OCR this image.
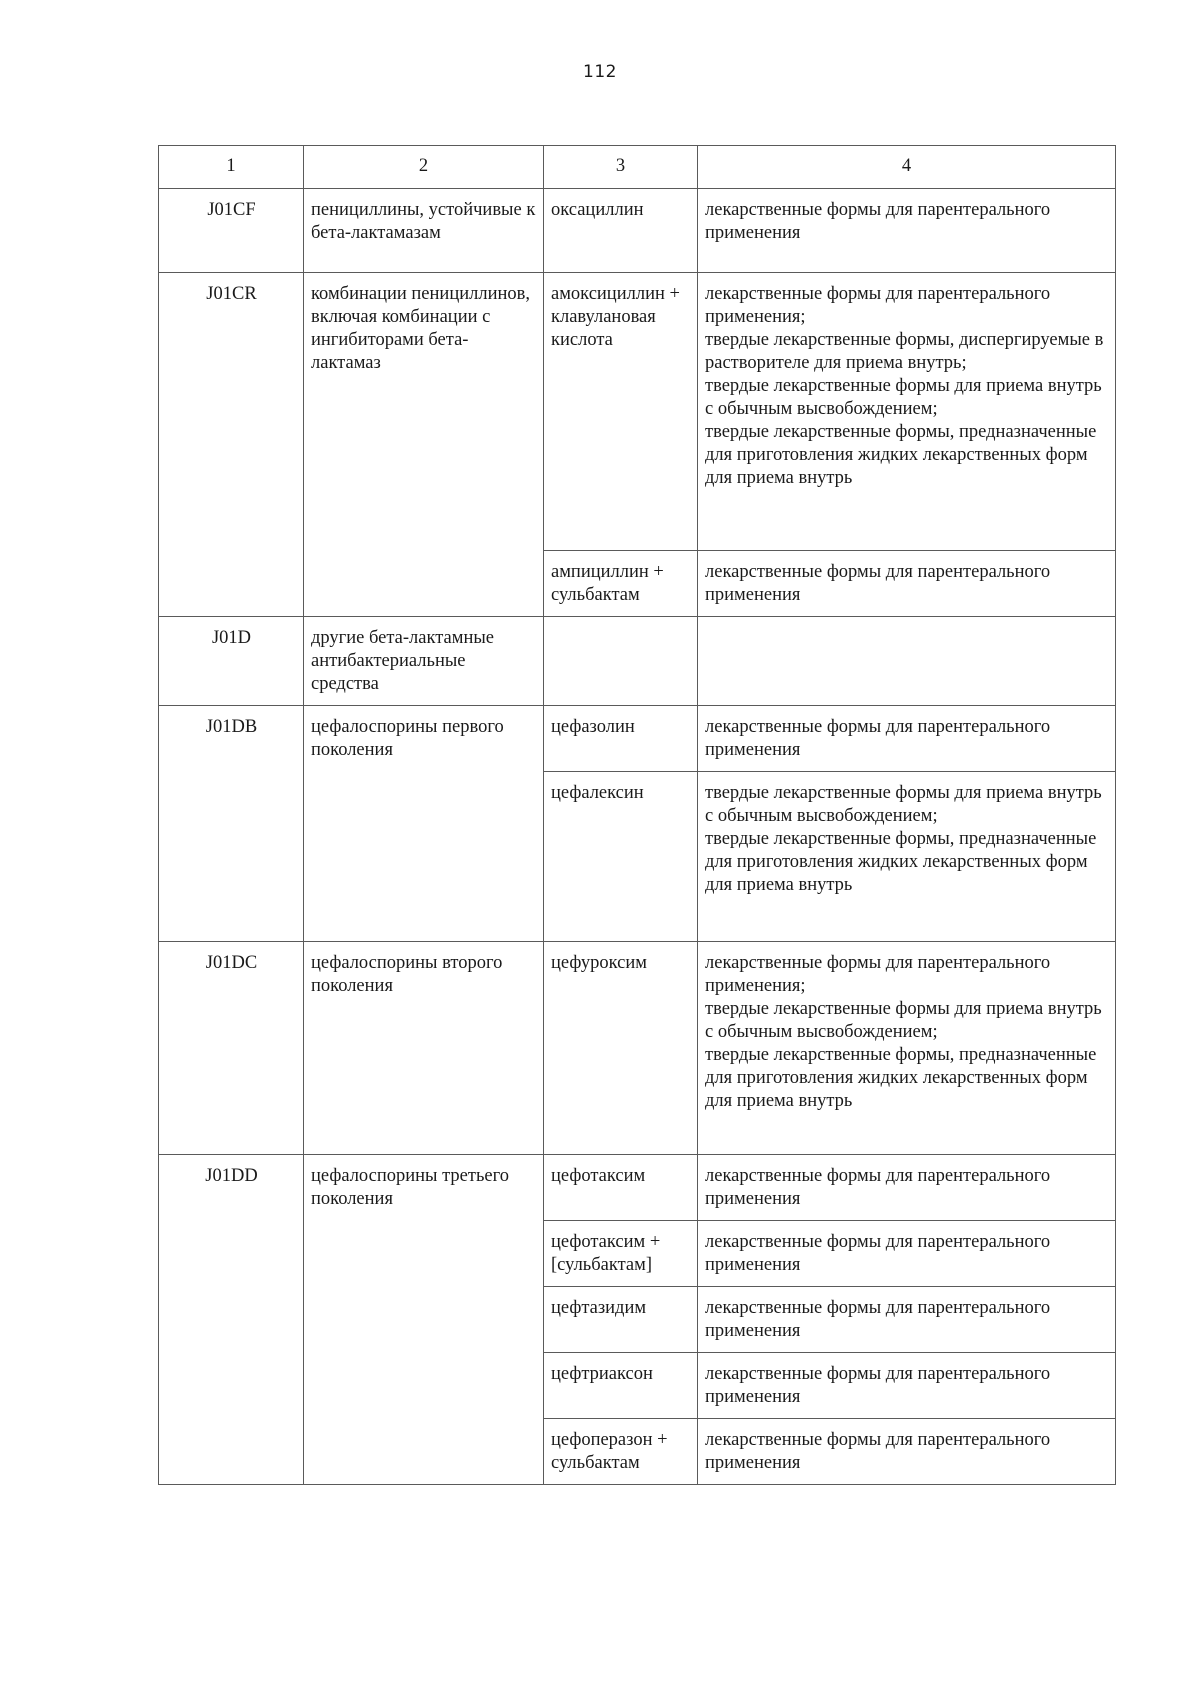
112
1	2	3	4
J01CF	пенициллины, устойчивые к бета-лактамазам	оксациллин	лекарственные формы для парентерального применения
J01CR	комбинации пенициллинов, включая комбинации с ингибиторами бета-лактамаз	амоксициллин + клавулановая кислота	лекарственные формы для парентерального применения;
твердые лекарственные формы, диспергируемые в растворителе для приема внутрь;
твердые лекарственные формы для приема внутрь с обычным высвобождением;
твердые лекарственные формы, предназначенные для приготовления жидких лекарственных форм для приема внутрь
		ампициллин + сульбактам	лекарственные формы для парентерального применения
J01D	другие бета-лактамные антибактериальные средства		
J01DB	цефалоспорины первого поколения	цефазолин	лекарственные формы для парентерального применения
		цефалексин	твердые лекарственные формы для приема внутрь с обычным высвобождением;
твердые лекарственные формы, предназначенные для приготовления жидких лекарственных форм для приема внутрь
J01DC	цефалоспорины второго поколения	цефуроксим	лекарственные формы для парентерального применения;
твердые лекарственные формы для приема внутрь с обычным высвобождением;
твердые лекарственные формы, предназначенные для приготовления жидких лекарственных форм для приема внутрь
J01DD	цефалоспорины третьего поколения	цефотаксим	лекарственные формы для парентерального применения
		цефотаксим + [сульбактам]	лекарственные формы для парентерального применения
		цефтазидим	лекарственные формы для парентерального применения
		цефтриаксон	лекарственные формы для парентерального применения
		цефоперазон + сульбактам	лекарственные формы для парентерального применения
